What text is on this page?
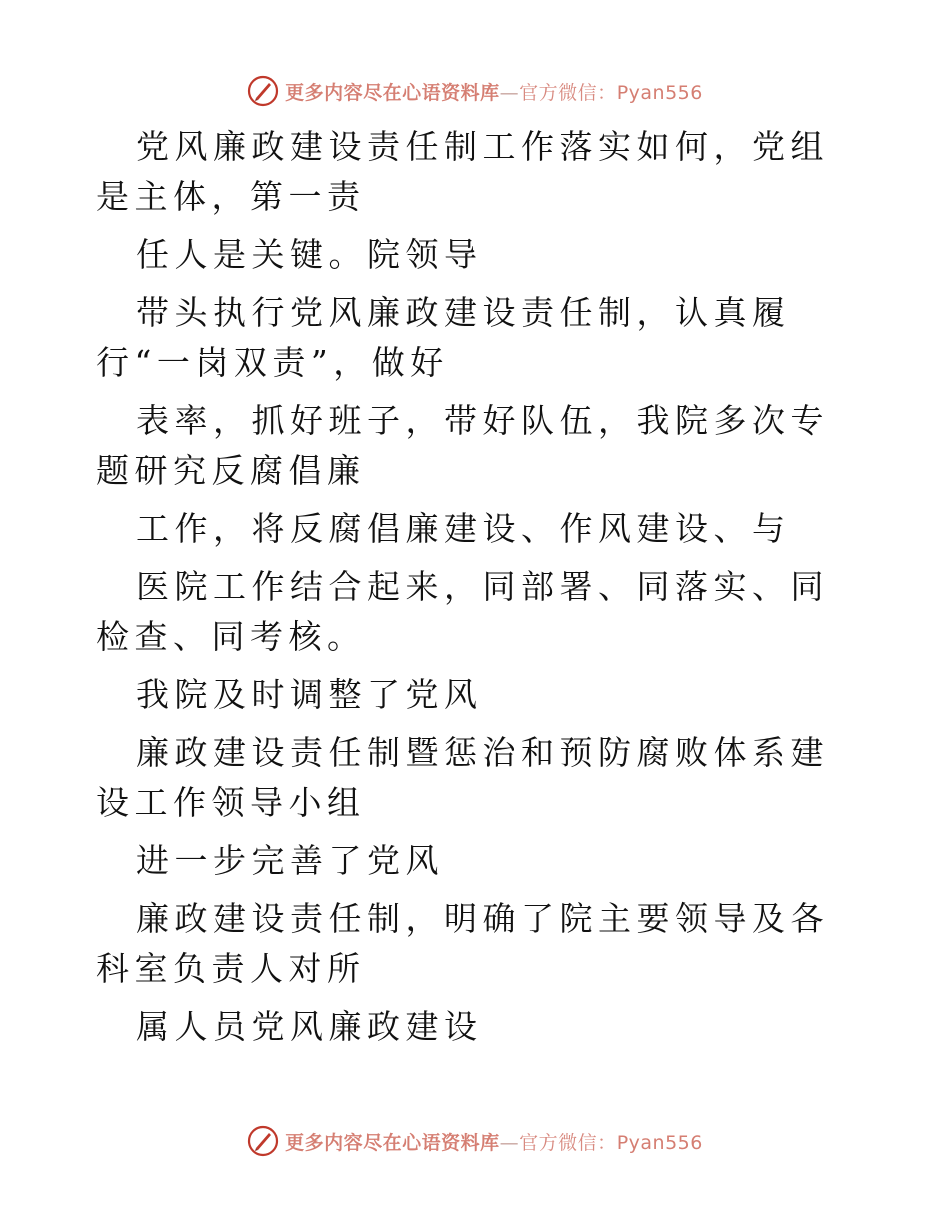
更多内容尽在心语资料库—官方微信：Pyan556

党风廉政建设责任制工作落实如何，党组是主体，第一责

任人是关键。院领导

带头执行党风廉政建设责任制，认真履行“一岗双责”，做好

表率，抓好班子，带好队伍，我院多次专题研究反腐倡廉

工作，将反腐倡廉建设、作风建设、与

医院工作结合起来，同部署、同落实、同检查、同考核。

我院及时调整了党风

廉政建设责任制暨惩治和预防腐败体系建设工作领导小组

进一步完善了党风

廉政建设责任制，明确了院主要领导及各科室负责人对所

属人员党风廉政建设

更多内容尽在心语资料库—官方微信：Pyan556
